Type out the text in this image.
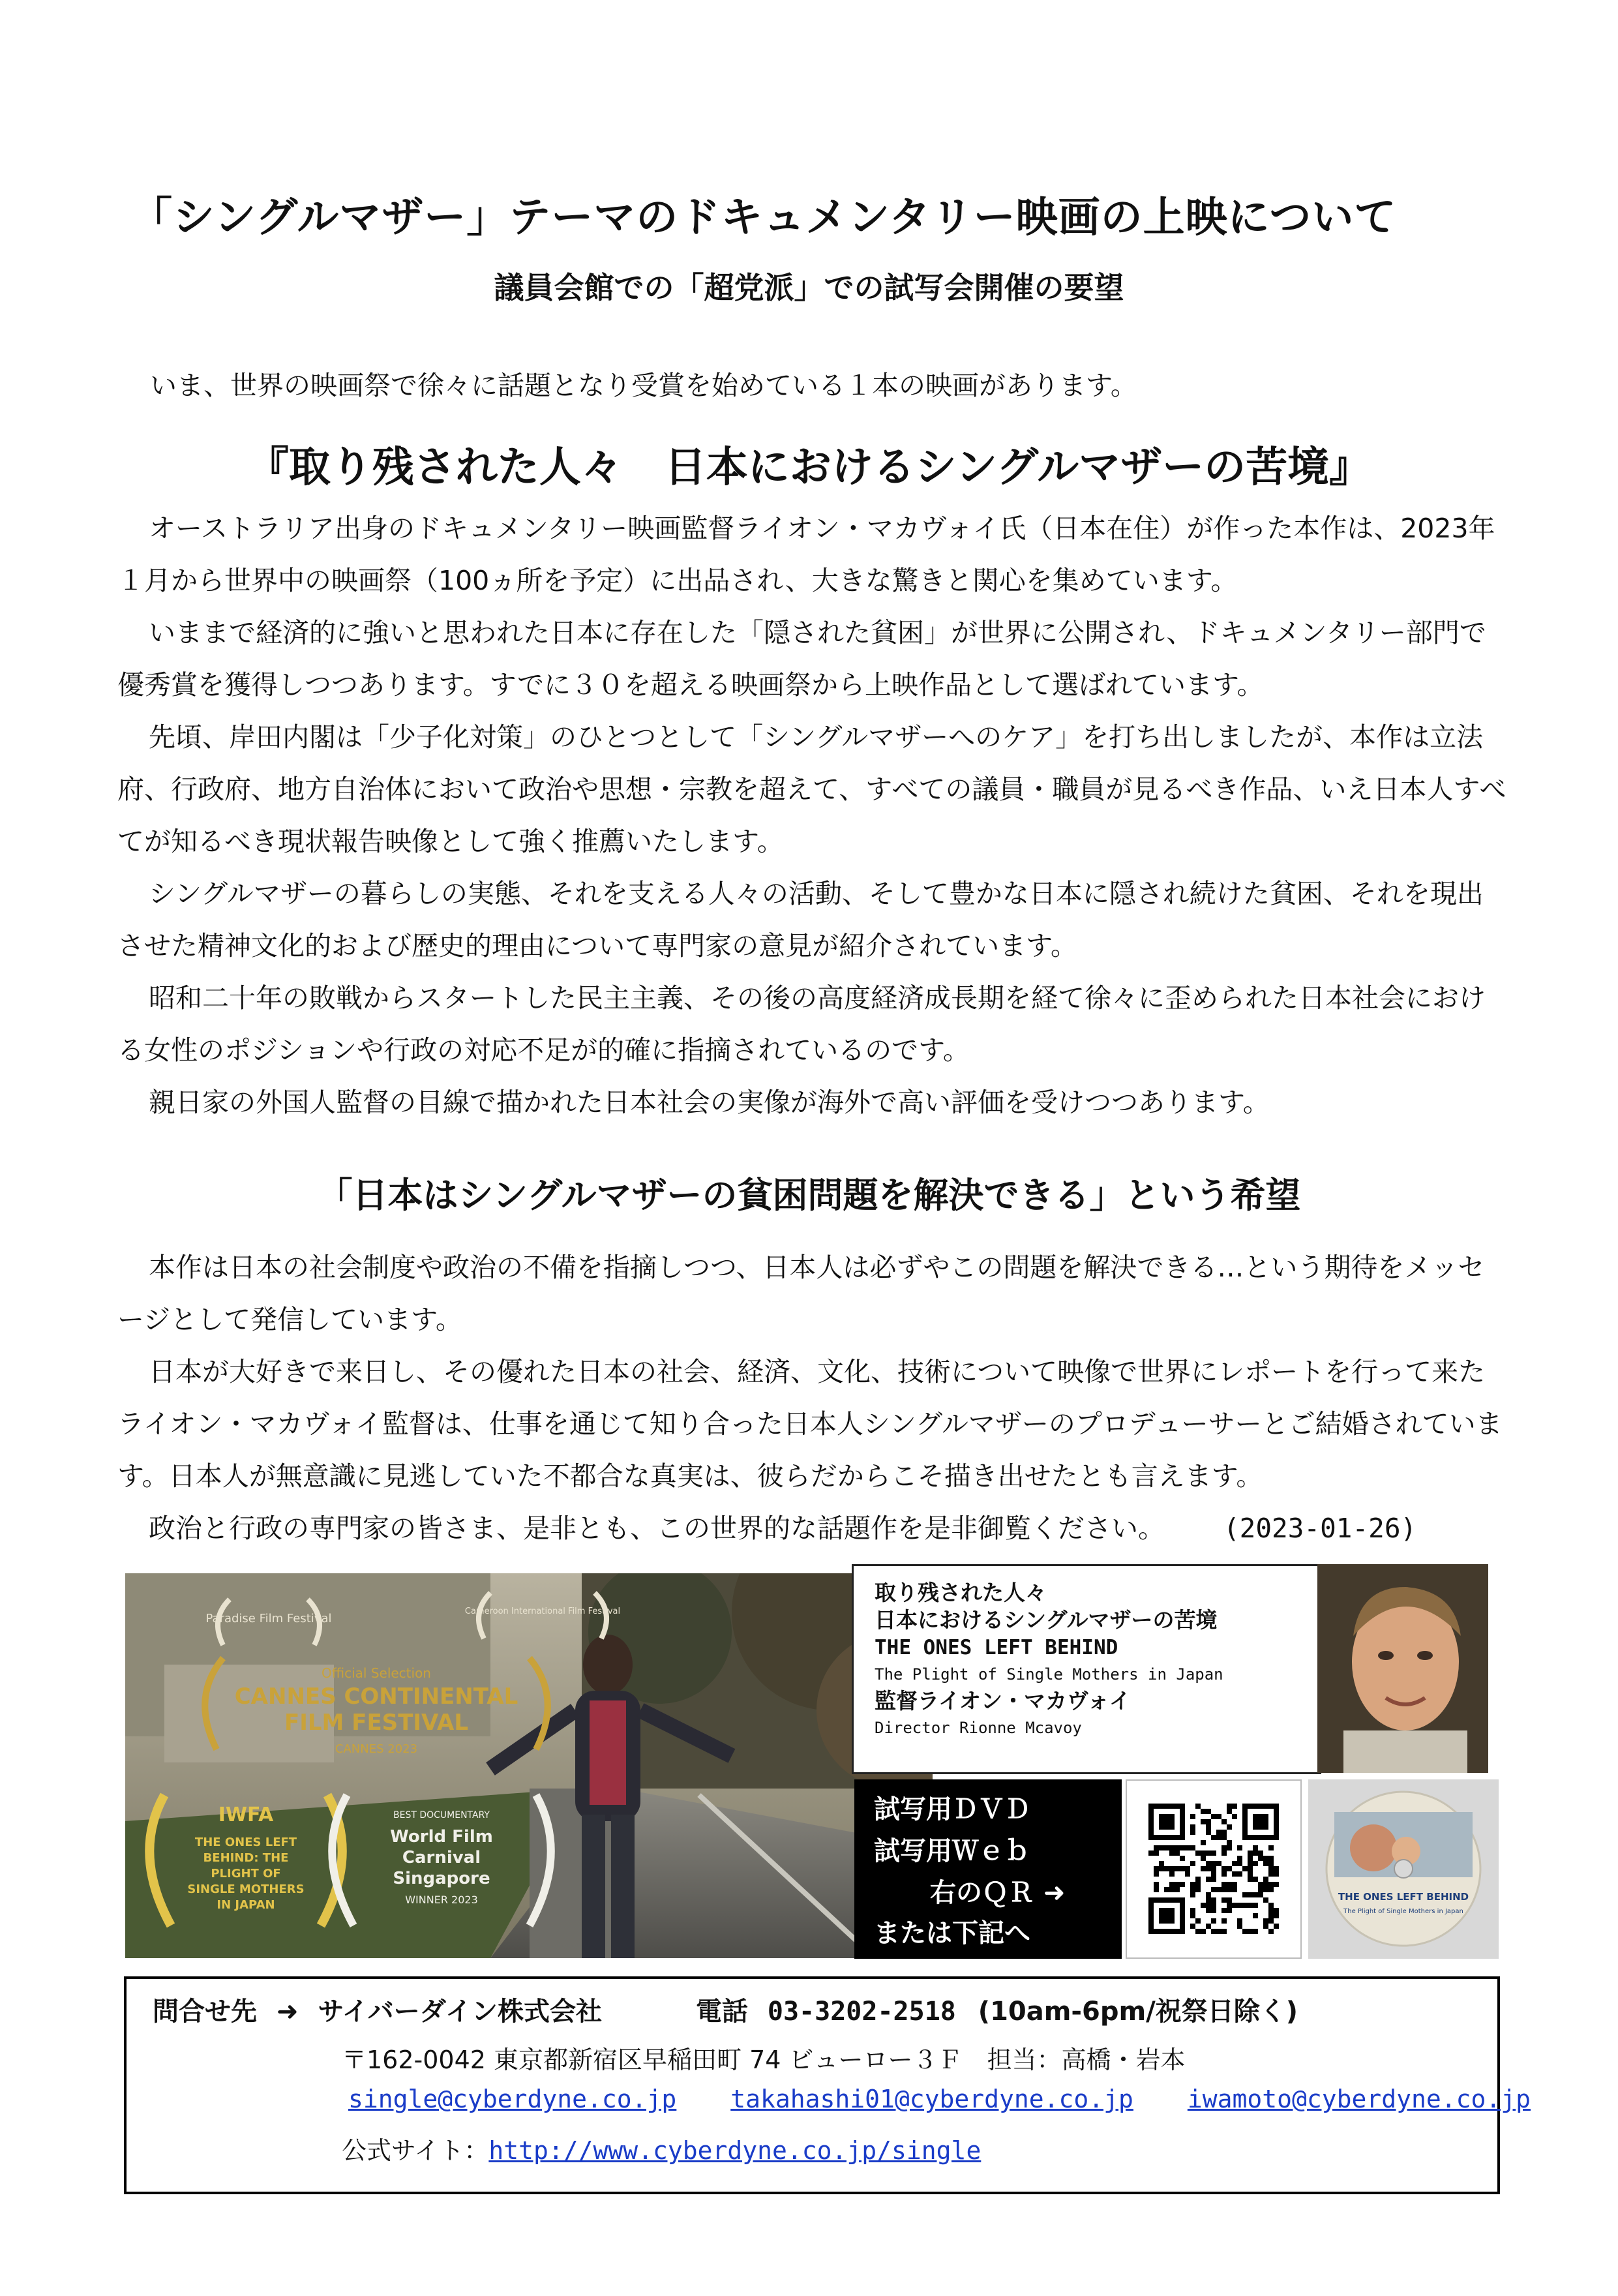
「シングルマザー」テーマのドキュメンタリー映画の上映について
議員会館での「超党派」での試写会開催の要望
いま、世界の映画祭で徐々に話題となり受賞を始めている１本の映画があります。
『取り残された人々　日本におけるシングルマザーの苦境』

オーストラリア出身のドキュメンタリー映画監督ライオン・マカヴォイ氏（日本在住）が作った本作は、2023年１月から世界中の映画祭（100ヵ所を予定）に出品され、大きな驚きと関心を集めています。

いままで経済的に強いと思われた日本に存在した「隠された貧困」が世界に公開され、ドキュメンタリー部門で優秀賞を獲得しつつあります。すでに３０を超える映画祭から上映作品として選ばれています。

先頃、岸田内閣は「少子化対策」のひとつとして「シングルマザーへのケア」を打ち出しましたが、本作は立法府、行政府、地方自治体において政治や思想・宗教を超えて、すべての議員・職員が見るべき作品、いえ日本人すべてが知るべき現状報告映像として強く推薦いたします。

シングルマザーの暮らしの実態、それを支える人々の活動、そして豊かな日本に隠され続けた貧困、それを現出させた精神文化的および歴史的理由について専門家の意見が紹介されています。

昭和二十年の敗戦からスタートした民主主義、その後の高度経済成長期を経て徐々に歪められた日本社会における女性のポジションや行政の対応不足が的確に指摘されているのです。

親日家の外国人監督の目線で描かれた日本社会の実像が海外で高い評価を受けつつあります。

「日本はシングルマザーの貧困問題を解決できる」という希望

本作は日本の社会制度や政治の不備を指摘しつつ、日本人は必ずやこの問題を解決できる…という期待をメッセージとして発信しています。

日本が大好きで来日し、その優れた日本の社会、経済、文化、技術について映像で世界にレポートを行って来たライオン・マカヴォイ監督は、仕事を通じて知り合った日本人シングルマザーのプロデューサーとご結婚されています。日本人が無意識に見逃していた不都合な真実は、彼らだからこそ描き出せたとも言えます。

政治と行政の専門家の皆さま、是非とも、この世界的な話題作を是非御覧ください。 (2023-01-26)

Paradise Film Festival
Cameroon International Film Festival
Official Selection
CANNES CONTINENTAL
FILM FESTIVAL
CANNES 2023
IWFA
THE ONES LEFT
BEHIND: THE
PLIGHT OF
SINGLE MOTHERS
IN JAPAN
BEST DOCUMENTARY
World Film
Carnival
Singapore
WINNER 2023
取り残された人々
日本におけるシングルマザーの苦境
THE ONES LEFT BEHIND
The Plight of Single Mothers in Japan
監督ライオン・マカヴォイ
Director Rionne Mcavoy
試写用ＤＶＤ
試写用Ｗｅｂ
右のＱＲ ➜
または下記へ
THE ONES LEFT BEHIND
The Plight of Single Mothers in Japan
問合せ先 ➜ サイバーダイン株式会社	電話 03-3202-2518 (10am-6pm/祝祭日除く)
〒162-0042 東京都新宿区早稲田町 74 ビューロー３Ｆ　担当：高橋・岩本
single@cyberdyne.co.jp takahashi01@cyberdyne.co.jp iwamoto@cyberdyne.co.jp
公式サイト：http://www.cyberdyne.co.jp/single
